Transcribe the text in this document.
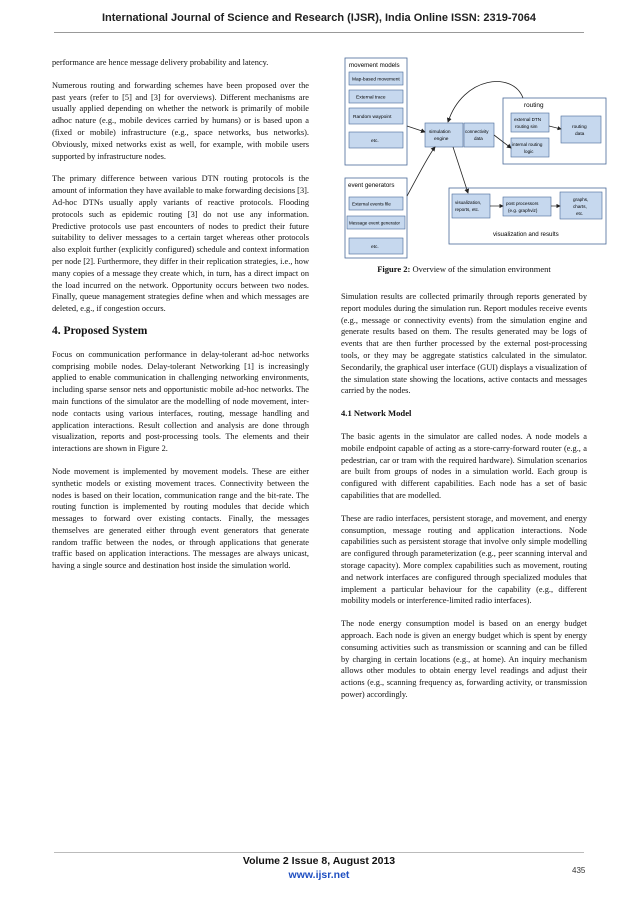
International Journal of Science and Research (IJSR), India Online ISSN: 2319-7064

performance are hence message delivery probability and latency.

Numerous routing and forwarding schemes have been proposed over the past years (refer to [5] and [3] for overviews). Different mechanisms are usually applied depending on whether the network is primarily of mobile adhoc nature (e.g., mobile devices carried by humans) or is based upon a (fixed or mobile) infrastructure (e.g., space networks, bus networks). Obviously, mixed networks exist as well, for example, with mobile users supported by infrastructure nodes.

The primary difference between various DTN routing protocols is the amount of information they have available to make forwarding decisions [3]. Ad-hoc DTNs usually apply variants of reactive protocols. Flooding protocols such as epidemic routing [3] do not use any information. Predictive protocols use past encounters of nodes to predict their future suitability to deliver messages to a certain target whereas other protocols also exploit further (explicitly configured) schedule and context information per node [2]. Furthermore, they differ in their replication strategies, i.e., how many copies of a message they create which, in turn, has a direct impact on the load incurred on the network. Opportunity occurs between two nodes. Finally, queue management strategies define when and which messages are deleted, e.g., if congestion occurs.

4. Proposed System

Focus on communication performance in delay-tolerant ad-hoc networks comprising mobile nodes. Delay-tolerant Networking [1] is increasingly applied to enable communication in challenging networking environments, including sparse sensor nets and opportunistic mobile ad-hoc networks. The main functions of the simulator are the modelling of node movement, inter-node contacts using various interfaces, routing, message handling and application interactions. Result collection and analysis are done through visualization, reports and post-processing tools. The elements and their interactions are shown in Figure 2.

Node movement is implemented by movement models. These are either synthetic models or existing movement traces. Connectivity between the nodes is based on their location, communication range and the bit-rate. The routing function is implemented by routing modules that decide which messages to forward over existing contacts. Finally, the messages themselves are generated either through event generators that generate random traffic between the nodes, or through applications that generate traffic based on application interactions. The messages are always unicast, having a single source and destination host inside the simulation world.

movement models
Map-based movement
External trace
Random waypoint
etc.
event generators
External events file
Message event generator
etc.
simulation
engine
connectivity
data
routing
external DTN
routing sim
internal routing
logic
routing
data
visualization,
reports, etc.
post processors
(e.g. graphviz)
graphs,
charts,
etc.
visualization and results
Figure 2: Overview of the simulation environment

Simulation results are collected primarily through reports generated by report modules during the simulation run. Report modules receive events (e.g., message or connectivity events) from the simulation engine and generate results based on them. The results generated may be logs of events that are then further processed by the external post-processing tools, or they may be aggregate statistics calculated in the simulator. Secondarily, the graphical user interface (GUI) displays a visualization of the simulation state showing the locations, active contacts and messages carried by the nodes.

4.1 Network Model

The basic agents in the simulator are called nodes. A node models a mobile endpoint capable of acting as a store-carry-forward router (e.g., a pedestrian, car or tram with the required hardware). Simulation scenarios are built from groups of nodes in a simulation world. Each group is configured with different capabilities. Each node has a set of basic capabilities that are modelled.

These are radio interfaces, persistent storage, and movement, and energy consumption, message routing and application interactions. Node capabilities such as persistent storage that involve only simple modelling are configured through parameterization (e.g., peer scanning interval and storage capacity). More complex capabilities such as movement, routing and network interfaces are configured through specialized modules that implement a particular behaviour for the capability (e.g., different mobility models or interference-limited radio interfaces).

The node energy consumption model is based on an energy budget approach. Each node is given an energy budget which is spent by energy consuming activities such as transmission or scanning and can be filled by charging in certain locations (e.g., at home). An inquiry mechanism allows other modules to obtain energy level readings and adjust their actions (e.g., scanning frequency as, forwarding activity, or transmission power) accordingly.

Volume 2 Issue 8, August 2013
www.ijsr.net	435
